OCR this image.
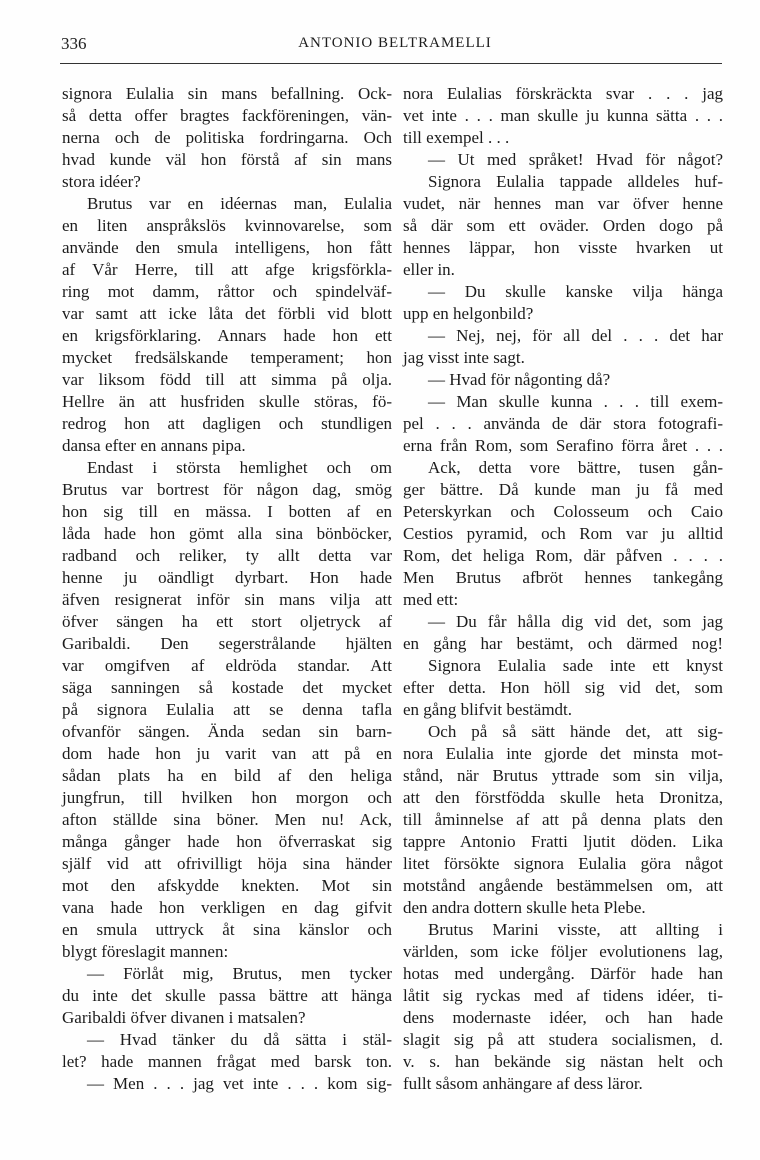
336	ANTONIO BELTRAMELLI
signora Eulalia sin mans befallning. Ock-
så detta offer bragtes fackföreningen, vän-
nerna och de politiska fordringarna. Och
hvad kunde väl hon förstå af sin mans
stora idéer?
Brutus var en idéernas man, Eulalia
en liten anspråkslös kvinnovarelse, som
använde den smula intelligens, hon fått
af Vår Herre, till att afge krigsförkla-
ring mot damm, råttor och spindelväf-
var samt att icke låta det förbli vid blott
en krigsförklaring. Annars hade hon ett
mycket fredsälskande temperament; hon
var liksom född till att simma på olja.
Hellre än att husfriden skulle störas, fö-
redrog hon att dagligen och stundligen
dansa efter en annans pipa.
Endast i största hemlighet och om
Brutus var bortrest för någon dag, smög
hon sig till en mässa. I botten af en
låda hade hon gömt alla sina bönböcker,
radband och reliker, ty allt detta var
henne ju oändligt dyrbart. Hon hade
äfven resignerat inför sin mans vilja att
öfver sängen ha ett stort oljetryck af
Garibaldi. Den segerstrålande hjälten
var omgifven af eldröda standar. Att
säga sanningen så kostade det mycket
på signora Eulalia att se denna tafla
ofvanför sängen. Ända sedan sin barn-
dom hade hon ju varit van att på en
sådan plats ha en bild af den heliga
jungfrun, till hvilken hon morgon och
afton ställde sina böner. Men nu! Ack,
många gånger hade hon öfverraskat sig
själf vid att ofrivilligt höja sina händer
mot den afskydde knekten. Mot sin
vana hade hon verkligen en dag gifvit
en smula uttryck åt sina känslor och
blygt föreslagit mannen:
— Förlåt mig, Brutus, men tycker
du inte det skulle passa bättre att hänga
Garibaldi öfver divanen i matsalen?
— Hvad tänker du då sätta i stäl-
let? hade mannen frågat med barsk ton.
— Men . . . jag vet inte . . . kom sig-
nora Eulalias förskräckta svar . . . jag
vet inte . . . man skulle ju kunna sätta . . .
till exempel . . .
— Ut med språket! Hvad för något?
Signora Eulalia tappade alldeles huf-
vudet, när hennes man var öfver henne
så där som ett oväder. Orden dogo på
hennes läppar, hon visste hvarken ut
eller in.
— Du skulle kanske vilja hänga
upp en helgonbild?
— Nej, nej, för all del . . . det har
jag visst inte sagt.
— Hvad för någonting då?
— Man skulle kunna . . . till exem-
pel . . . använda de där stora fotografi-
erna från Rom, som Serafino förra året . . .
Ack, detta vore bättre, tusen gån-
ger bättre. Då kunde man ju få med
Peterskyrkan och Colosseum och Caio
Cestios pyramid, och Rom var ju alltid
Rom, det heliga Rom, där påfven . . . .
Men Brutus afbröt hennes tankegång
med ett:
— Du får hålla dig vid det, som jag
en gång har bestämt, och därmed nog!
Signora Eulalia sade inte ett knyst
efter detta. Hon höll sig vid det, som
en gång blifvit bestämdt.
Och på så sätt hände det, att sig-
nora Eulalia inte gjorde det minsta mot-
stånd, när Brutus yttrade som sin vilja,
att den förstfödda skulle heta Dronitza,
till åminnelse af att på denna plats den
tappre Antonio Fratti ljutit döden. Lika
litet försökte signora Eulalia göra något
motstånd angående bestämmelsen om, att
den andra dottern skulle heta Plebe.
Brutus Marini visste, att allting i
världen, som icke följer evolutionens lag,
hotas med undergång. Därför hade han
låtit sig ryckas med af tidens idéer, ti-
dens modernaste idéer, och han hade
slagit sig på att studera socialismen, d.
v. s. han bekände sig nästan helt och
fullt såsom anhängare af dess läror.
